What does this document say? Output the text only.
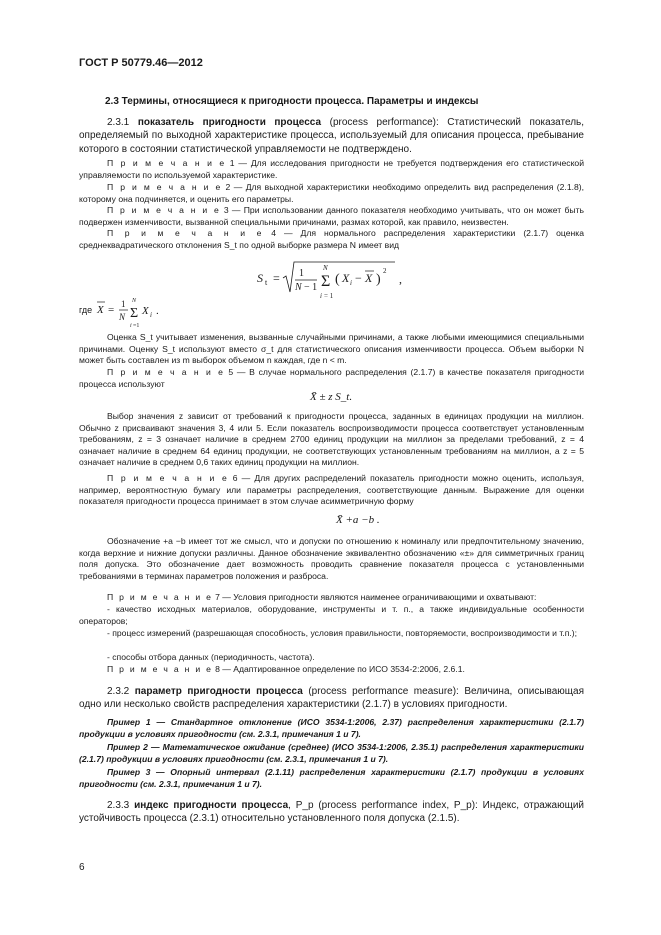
ГОСТ Р 50779.46—2012
2.3 Термины, относящиеся к пригодности процесса. Параметры и индексы

2.3.1 показатель пригодности процесса (process performance): Статистический показатель, определяемый по выходной характеристике процесса, используемый для описания процесса, пребывание которого в состоянии статистической управляемости не подтверждено.

П р и м е ч а н и е 1 — Для исследования пригодности не требуется подтверждения его статистической управляемости по используемой характеристике.

П р и м е ч а н и е 2 — Для выходной характеристики необходимо определить вид распределения (2.1.8), которому она подчиняется, и оценить его параметры.

П р и м е ч а н и е 3 — При использовании данного показателя необходимо учитывать, что он может быть подвержен изменчивости, вызванной специальными причинами, размах которой, как правило, неизвестен.

П р и м е ч а н и е 4 — Для нормального распределения характеристики (2.1.7) оценка среднеквадратического отклонения S_t по одной выборке размера N имеет вид

S t = 1
N − 1 Σ
N
i = 1
( X i − X )
2
,
где X = 1
N Σ
N
i =1
X i .

Оценка S_t учитывает изменения, вызванные случайными причинами, а также любыми имеющимися специальными причинами. Оценку S_t используют вместо σ_t для статистического описания изменчивости процесса. Объем выборки N может быть составлен из m выборок объемом n каждая, где n < m.

П р и м е ч а н и е 5 — В случае нормального распределения (2.1.7) в качестве показателя пригодности процесса используют

X̄ ± z S_t.

Выбор значения z зависит от требований к пригодности процесса, заданных в единицах продукции на миллион. Обычно z присваивают значения 3, 4 или 5. Если показатель воспроизводимости процесса соответствует установленным требованиям, z = 3 означает наличие в среднем 2700 единиц продукции на миллион за пределами требований, z = 4 означает наличие в среднем 64 единиц продукции, не соответствующих установленным требованиям на миллион, а z = 5 означает наличие в среднем 0,6 таких единиц продукции на миллион.

П р и м е ч а н и е 6 — Для других распределений показатель пригодности можно оценить, используя, например, вероятностную бумагу или параметры распределения, соответствующие данным. Выражение для оценки показателя пригодности процесса принимает в этом случае асимметричную форму

X̄ +a −b .

Обозначение +a −b имеет тот же смысл, что и допуски по отношению к номиналу или предпочтительному значению, когда верхние и нижние допуски различны. Данное обозначение эквивалентно обозначению «±» для симметричных границ поля допуска. Это обозначение дает возможность проводить сравнение показателя процесса с установленными требованиями в терминах параметров положения и разброса.

П р и м е ч а н и е 7 — Условия пригодности являются наименее ограничивающими и охватывают:

- качество исходных материалов, оборудование, инструменты и т. п., а также индивидуальные особенности операторов;

- процесс измерений (разрешающая способность, условия правильности, повторяемости, воспроизводимости и т.п.);

- способы отбора данных (периодичность, частота).

П р и м е ч а н и е 8 — Адаптированное определение по ИСО 3534-2:2006, 2.6.1.

2.3.2 параметр пригодности процесса (process performance measure): Величина, описывающая одно или несколько свойств распределения характеристики (2.1.7) в условиях пригодности.

Пример 1 — Стандартное отклонение (ИСО 3534-1:2006, 2.37) распределения характеристики (2.1.7) продукции в условиях пригодности (см. 2.3.1, примечания 1 и 7).

Пример 2 — Математическое ожидание (среднее) (ИСО 3534-1:2006, 2.35.1) распределения характеристики (2.1.7) продукции в условиях пригодности (см. 2.3.1, примечания 1 и 7).

Пример 3 — Опорный интервал (2.1.11) распределения характеристики (2.1.7) продукции в условиях пригодности (см. 2.3.1, примечания 1 и 7).

2.3.3 индекс пригодности процесса, P_p (process performance index, P_p): Индекс, отражающий устойчивость процесса (2.3.1) относительно установленного поля допуска (2.1.5).

6
